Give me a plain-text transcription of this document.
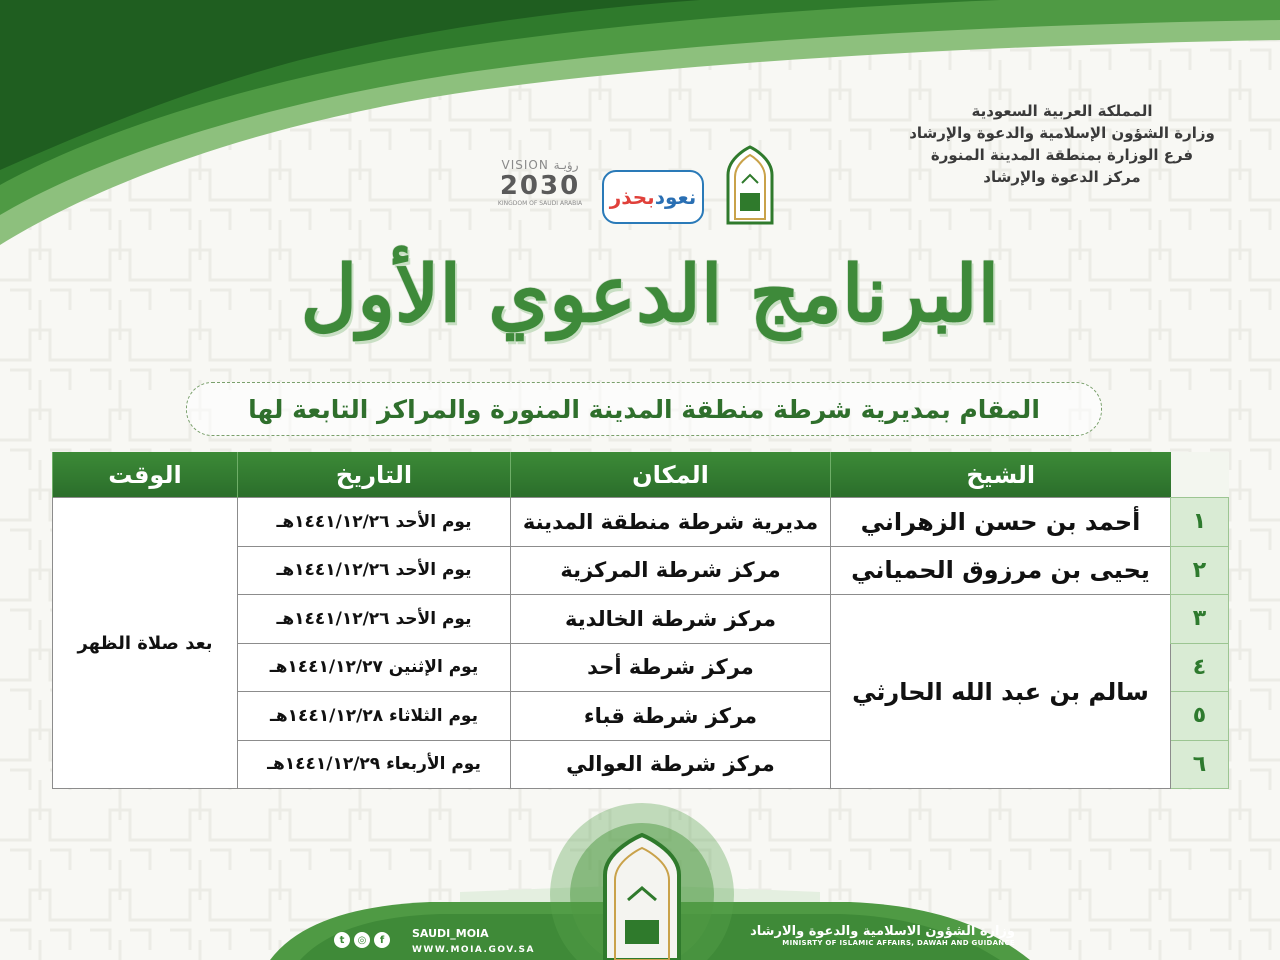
المملكة العربية السعودية
وزارة الشؤون الإسلامية والدعوة والإرشاد
فرع الوزارة بمنطقة المدينة المنورة
مركز الدعوة والإرشاد
نعود
بحذر
VISION رؤيـة
2030
KINGDOM OF SAUDI ARABIA
البرنامج الدعوي الأول
المقام بمديرية شرطة منطقة المدينة المنورة والمراكز التابعة لها
	الشيخ	المكان	التاريخ	الوقت
١	أحمد بن حسن الزهراني	مديرية شرطة منطقة المدينة	يوم الأحد ١٤٤١/١٢/٢٦هـ	بعد صلاة الظهر
٢	يحيى بن مرزوق الحمياني	مركز شرطة المركزية	يوم الأحد ١٤٤١/١٢/٢٦هـ	
٣	سالم بن عبد الله الحارثي	مركز شرطة الخالدية	يوم الأحد ١٤٤١/١٢/٢٦هـ	
٤		مركز شرطة أحد	يوم الإثنين ١٤٤١/١٢/٢٧هـ	
٥		مركز شرطة قباء	يوم الثلاثاء ١٤٤١/١٢/٢٨هـ	
٦		مركز شرطة العوالي	يوم الأربعاء ١٤٤١/١٢/٢٩هـ	
t	◎	f	SAUDI_MOIA
WWW.MOIA.GOV.SA
وزارة الشؤون الاسلامية والدعوة والارشاد
MINISRTY OF ISLAMIC AFFAIRS, DAWAH AND GUIDANCE
